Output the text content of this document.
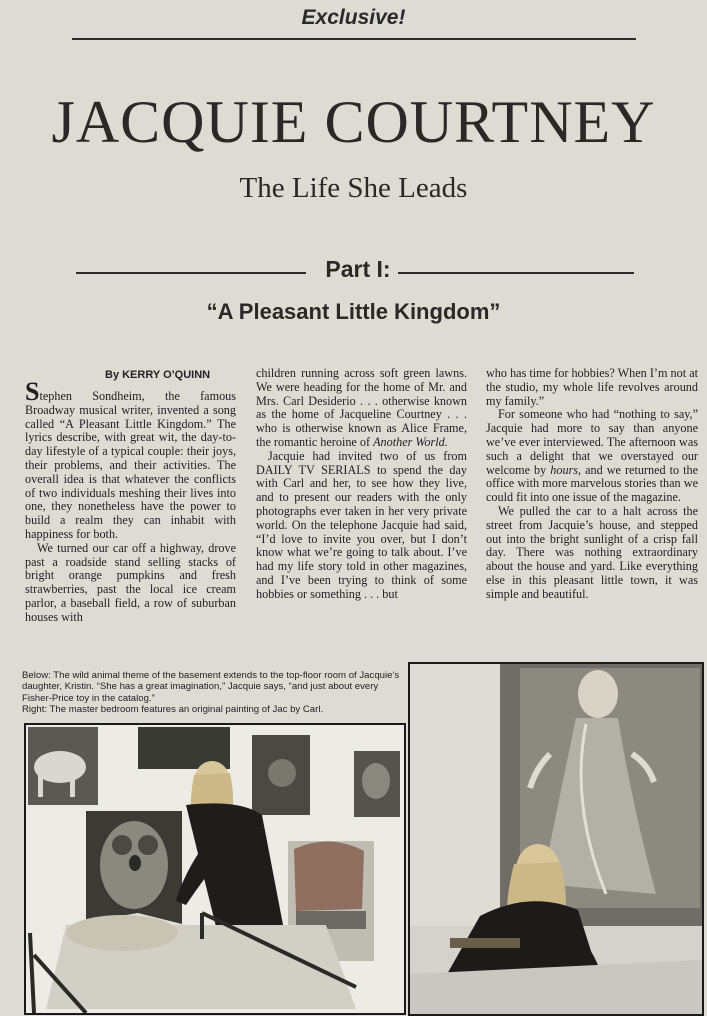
Exclusive!
JACQUIE COURTNEY
The Life She Leads
Part I:
“A Pleasant Little Kingdom”
By KERRY O’QUINN

Stephen Sondheim, the famous Broadway musical writer, invented a song called “A Pleasant Little Kingdom.” The lyrics describe, with great wit, the day-to-day lifestyle of a typical couple: their joys, their problems, and their activities. The overall idea is that whatever the conflicts of two individuals meshing their lives into one, they nonetheless have the power to build a realm they can inhabit with happiness for both.

We turned our car off a highway, drove past a roadside stand selling stacks of bright orange pumpkins and fresh strawberries, past the local ice cream parlor, a baseball field, a row of suburban houses with

children running across soft green lawns. We were heading for the home of Mr. and Mrs. Carl Desiderio . . . otherwise known as the home of Jacqueline Courtney . . . who is otherwise known as Alice Frame, the romantic heroine of Another World.

Jacquie had invited two of us from DAILY TV SERIALS to spend the day with Carl and her, to see how they live, and to present our readers with the only photographs ever taken in her very private world. On the telephone Jacquie had said, “I’d love to invite you over, but I don’t know what we’re going to talk about. I’ve had my life story told in other magazines, and I’ve been trying to think of some hobbies or something . . . but

who has time for hobbies? When I’m not at the studio, my whole life revolves around my family.”

For someone who had “nothing to say,” Jacquie had more to say than anyone we’ve ever interviewed. The afternoon was such a delight that we overstayed our welcome by hours, and we returned to the office with more marvelous stories than we could fit into one issue of the magazine.

We pulled the car to a halt across the street from Jacquie’s house, and stepped out into the bright sunlight of a crisp fall day. There was nothing extraordinary about the house and yard. Like everything else in this pleasant little town, it was simple and beautiful.

Below: The wild animal theme of the basement extends to the top-floor room of Jacquie’s daughter, Kristin. “She has a great imagination,” Jacquie says, “and just about every Fisher-Price toy in the catalog.”
Right: The master bedroom features an original painting of Jac by Carl.
